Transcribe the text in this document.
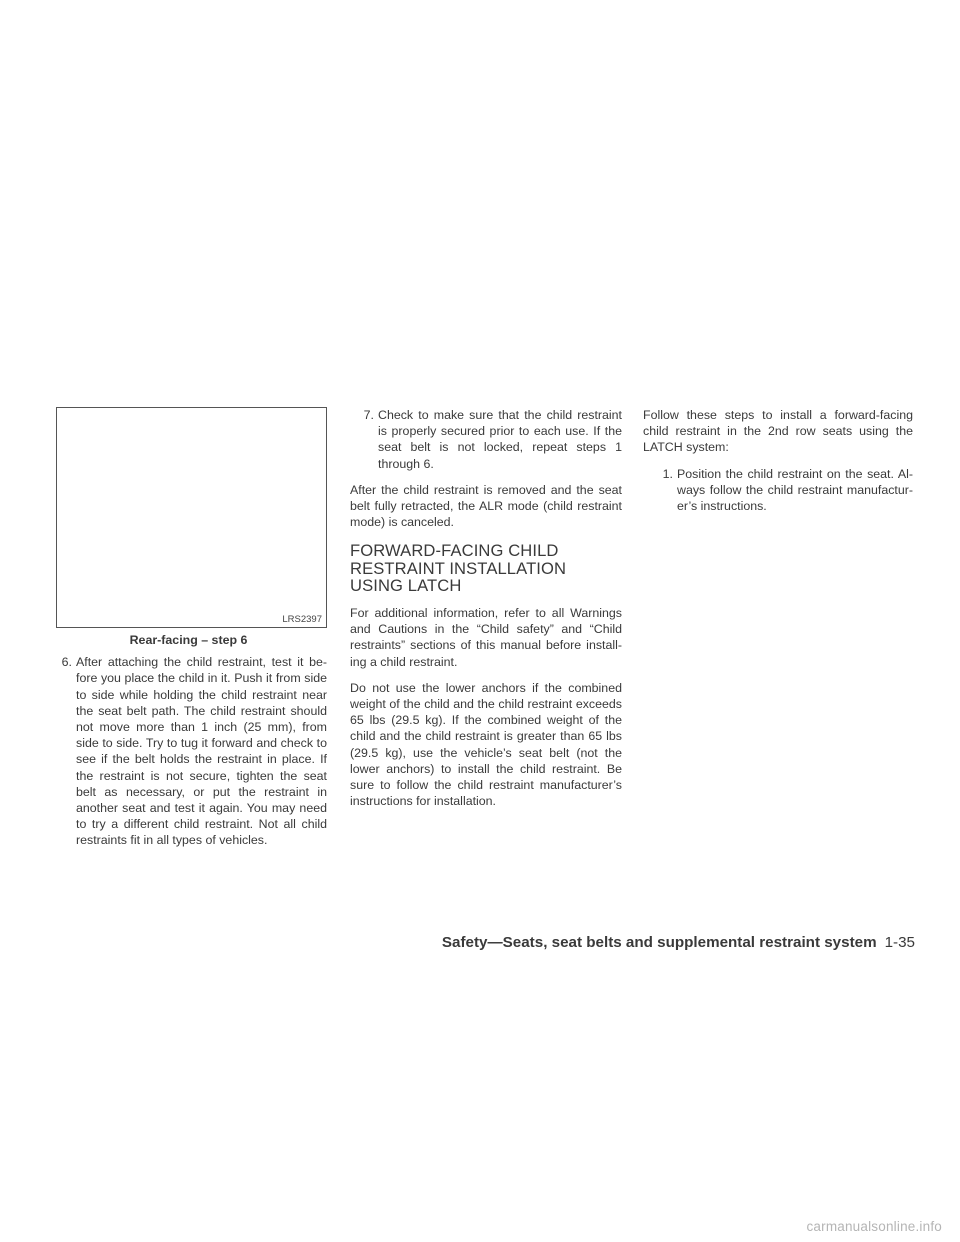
LRS2397
Rear-facing – step 6
6. After attaching the child restraint, test it be-fore you place the child in it. Push it from side to side while holding the child restraint near the seat belt path. The child restraint should not move more than 1 inch (25 mm), from side to side. Try to tug it forward and check to see if the belt holds the restraint in place. If the restraint is not secure, tighten the seat belt as necessary, or put the restraint in another seat and test it again. You may need to try a different child restraint. Not all child restraints fit in all types of vehicles.
7. Check to make sure that the child restraint is properly secured prior to each use. If the seat belt is not locked, repeat steps 1 through 6.

After the child restraint is removed and the seat belt fully retracted, the ALR mode (child restraint mode) is canceled.

FORWARD-FACING CHILD RESTRAINT INSTALLATION USING LATCH

For additional information, refer to all Warnings and Cautions in the “Child safety” and “Child restraints” sections of this manual before install-ing a child restraint.

Do not use the lower anchors if the combined weight of the child and the child restraint exceeds 65 lbs (29.5 kg). If the combined weight of the child and the child restraint is greater than 65 lbs (29.5 kg), use the vehicle’s seat belt (not the lower anchors) to install the child restraint. Be sure to follow the child restraint manufacturer’s instructions for installation.

Follow these steps to install a forward-facing child restraint in the 2nd row seats using the LATCH system:

1. Position the child restraint on the seat. Al-ways follow the child restraint manufactur-er’s instructions.
Safety—Seats, seat belts and supplemental restraint system 1-35
carmanualsonline.info
